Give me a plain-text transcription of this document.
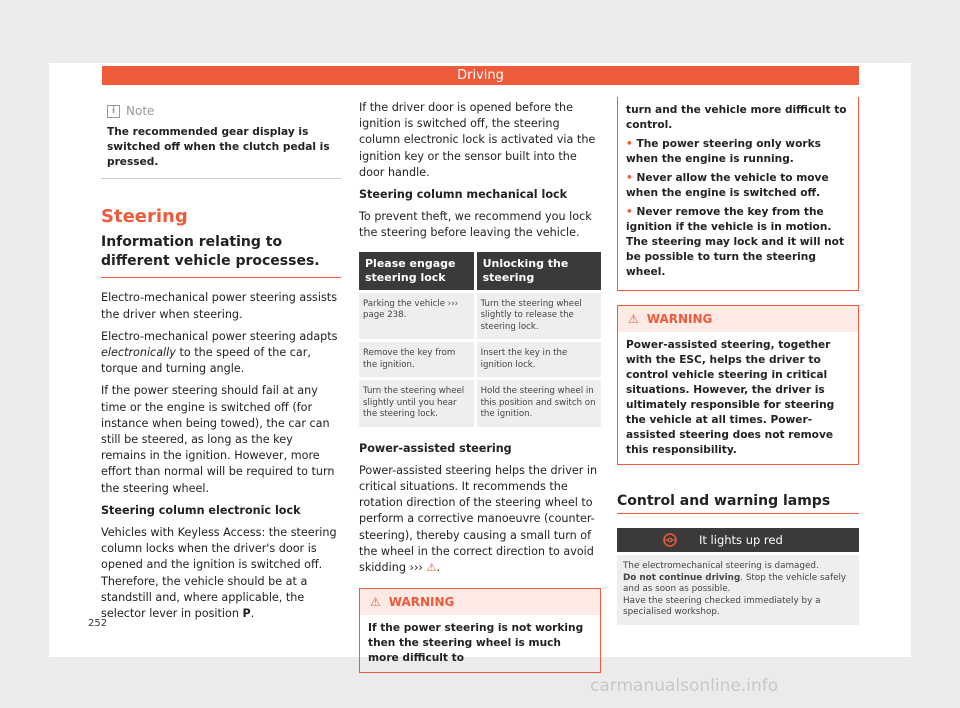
Driving
i Note
The recommended gear display is switched off when the clutch pedal is pressed.
Steering
Information relating to different vehicle processes.

Electro-mechanical power steering assists the driver when steering.

Electro-mechanical power steering adapts electronically to the speed of the car, torque and turning angle.

If the power steering should fail at any time or the engine is switched off (for instance when being towed), the car can still be steered, as long as the key remains in the ignition. However, more effort than normal will be required to turn the steering wheel.

Steering column electronic lock

Vehicles with Keyless Access: the steering column locks when the driver's door is opened and the ignition is switched off. Therefore, the vehicle should be at a standstill and, where applicable, the selector lever in position P.

If the driver door is opened before the ignition is switched off, the steering column electronic lock is activated via the ignition key or the sensor built into the door handle.

Steering column mechanical lock

To prevent theft, we recommend you lock the steering before leaving the vehicle.

Please engage steering lock	Unlocking the steering
Parking the vehicle ››› page 238.	Turn the steering wheel slightly to release the steering lock.
Remove the key from the ignition.	Insert the key in the ignition lock.
Turn the steering wheel slightly until you hear the steering lock.	Hold the steering wheel in this position and switch on the ignition.

Power-assisted steering

Power-assisted steering helps the driver in critical situations. It recommends the rotation direction of the steering wheel to perform a corrective manoeuvre (counter-steering), thereby causing a small turn of the wheel in the correct direction to avoid skidding ››› ⚠.

⚠ WARNING
If the power steering is not working then the steering wheel is much more difficult to

turn and the vehicle more difficult to control.

• The power steering only works when the engine is running.

• Never allow the vehicle to move when the engine is switched off.

• Never remove the key from the ignition if the vehicle is in motion. The steering may lock and it will not be possible to turn the steering wheel.

⚠ WARNING
Power-assisted steering, together with the ESC, helps the driver to control vehicle steering in critical situations. However, the driver is ultimately responsible for steering the vehicle at all times. Power-assisted steering does not remove this responsibility.
Control and warning lamps
It lights up red
The electromechanical steering is damaged.
Do not continue driving. Stop the vehicle safely and as soon as possible.
Have the steering checked immediately by a specialised workshop.
252
carmanualsonline.info
